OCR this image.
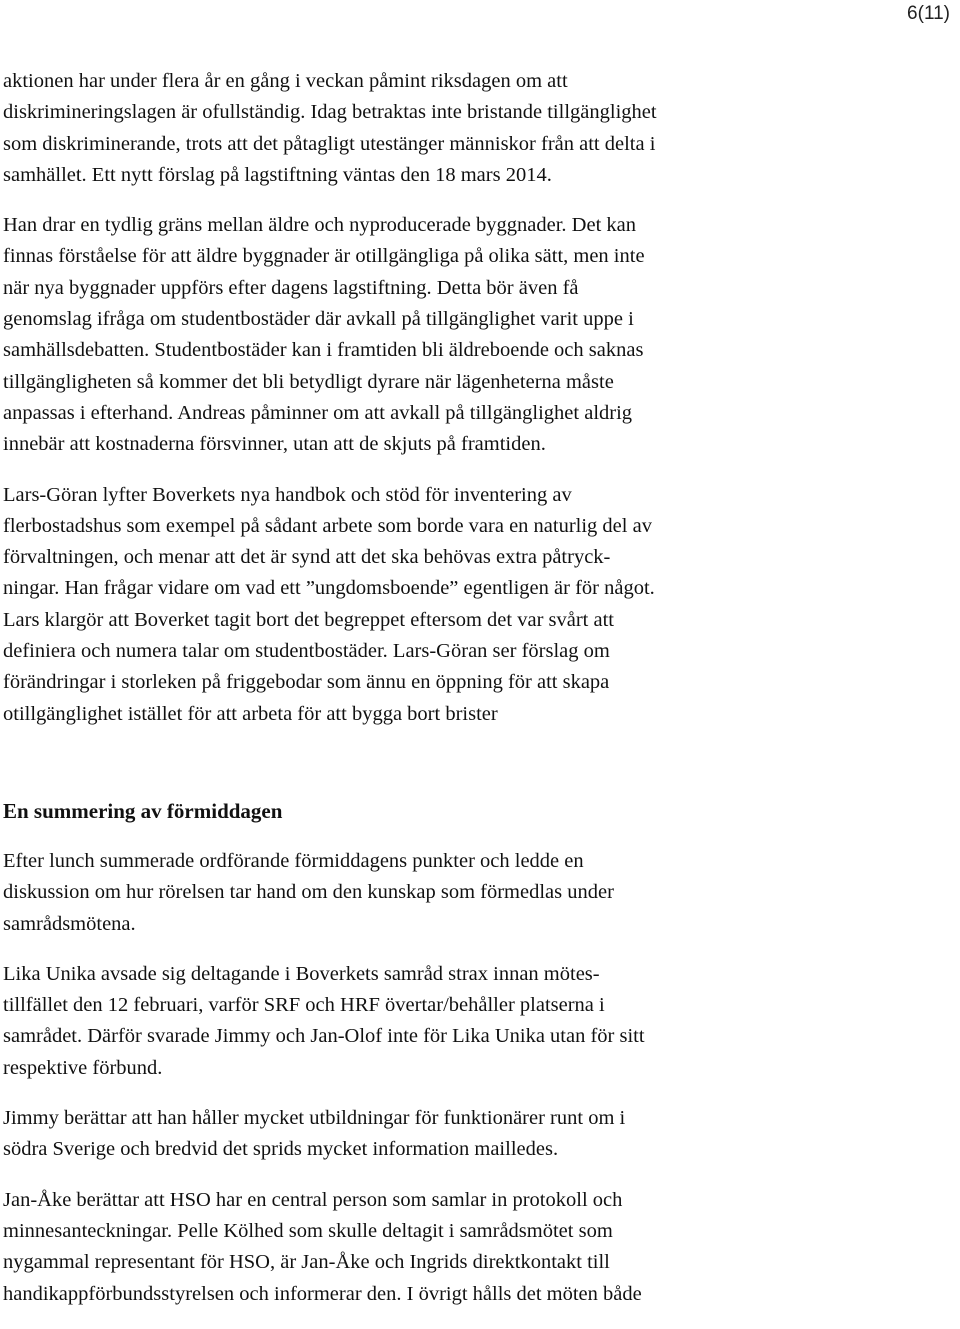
6(11)

aktionen har under flera år en gång i veckan påmint riksdagen om att
diskrimineringslagen är ofullständig. Idag betraktas inte bristande tillgänglighet
som diskriminerande, trots att det påtagligt utestänger människor från att delta i
samhället. Ett nytt förslag på lagstiftning väntas den 18 mars 2014.

Han drar en tydlig gräns mellan äldre och nyproducerade byggnader. Det kan
finnas förståelse för att äldre byggnader är otillgängliga på olika sätt, men inte
när nya byggnader uppförs efter dagens lagstiftning. Detta bör även få
genomslag ifråga om studentbostäder där avkall på tillgänglighet varit uppe i
samhällsdebatten. Studentbostäder kan i framtiden bli äldreboende och saknas
tillgängligheten så kommer det bli betydligt dyrare när lägenheterna måste
anpassas i efterhand. Andreas påminner om att avkall på tillgänglighet aldrig
innebär att kostnaderna försvinner, utan att de skjuts på framtiden.

Lars-Göran lyfter Boverkets nya handbok och stöd för inventering av
flerbostadshus som exempel på sådant arbete som borde vara en naturlig del av
förvaltningen, och menar att det är synd att det ska behövas extra påtryck-
ningar. Han frågar vidare om vad ett ”ungdomsboende” egentligen är för något.
Lars klargör att Boverket tagit bort det begreppet eftersom det var svårt att
definiera och numera talar om studentbostäder. Lars-Göran ser förslag om
förändringar i storleken på friggebodar som ännu en öppning för att skapa
otillgänglighet istället för att arbeta för att bygga bort brister

En summering av förmiddagen

Efter lunch summerade ordförande förmiddagens punkter och ledde en
diskussion om hur rörelsen tar hand om den kunskap som förmedlas under
samrådsmötena.

Lika Unika avsade sig deltagande i Boverkets samråd strax innan mötes-
tillfället den 12 februari, varför SRF och HRF övertar/behåller platserna i
samrådet. Därför svarade Jimmy och Jan-Olof inte för Lika Unika utan för sitt
respektive förbund.

Jimmy berättar att han håller mycket utbildningar för funktionärer runt om i
södra Sverige och bredvid det sprids mycket information mailledes.

Jan-Åke berättar att HSO har en central person som samlar in protokoll och
minnesanteckningar. Pelle Kölhed som skulle deltagit i samrådsmötet som
nygammal representant för HSO, är Jan-Åke och Ingrids direktkontakt till
handikappförbundsstyrelsen och informerar den. I övrigt hålls det möten både
